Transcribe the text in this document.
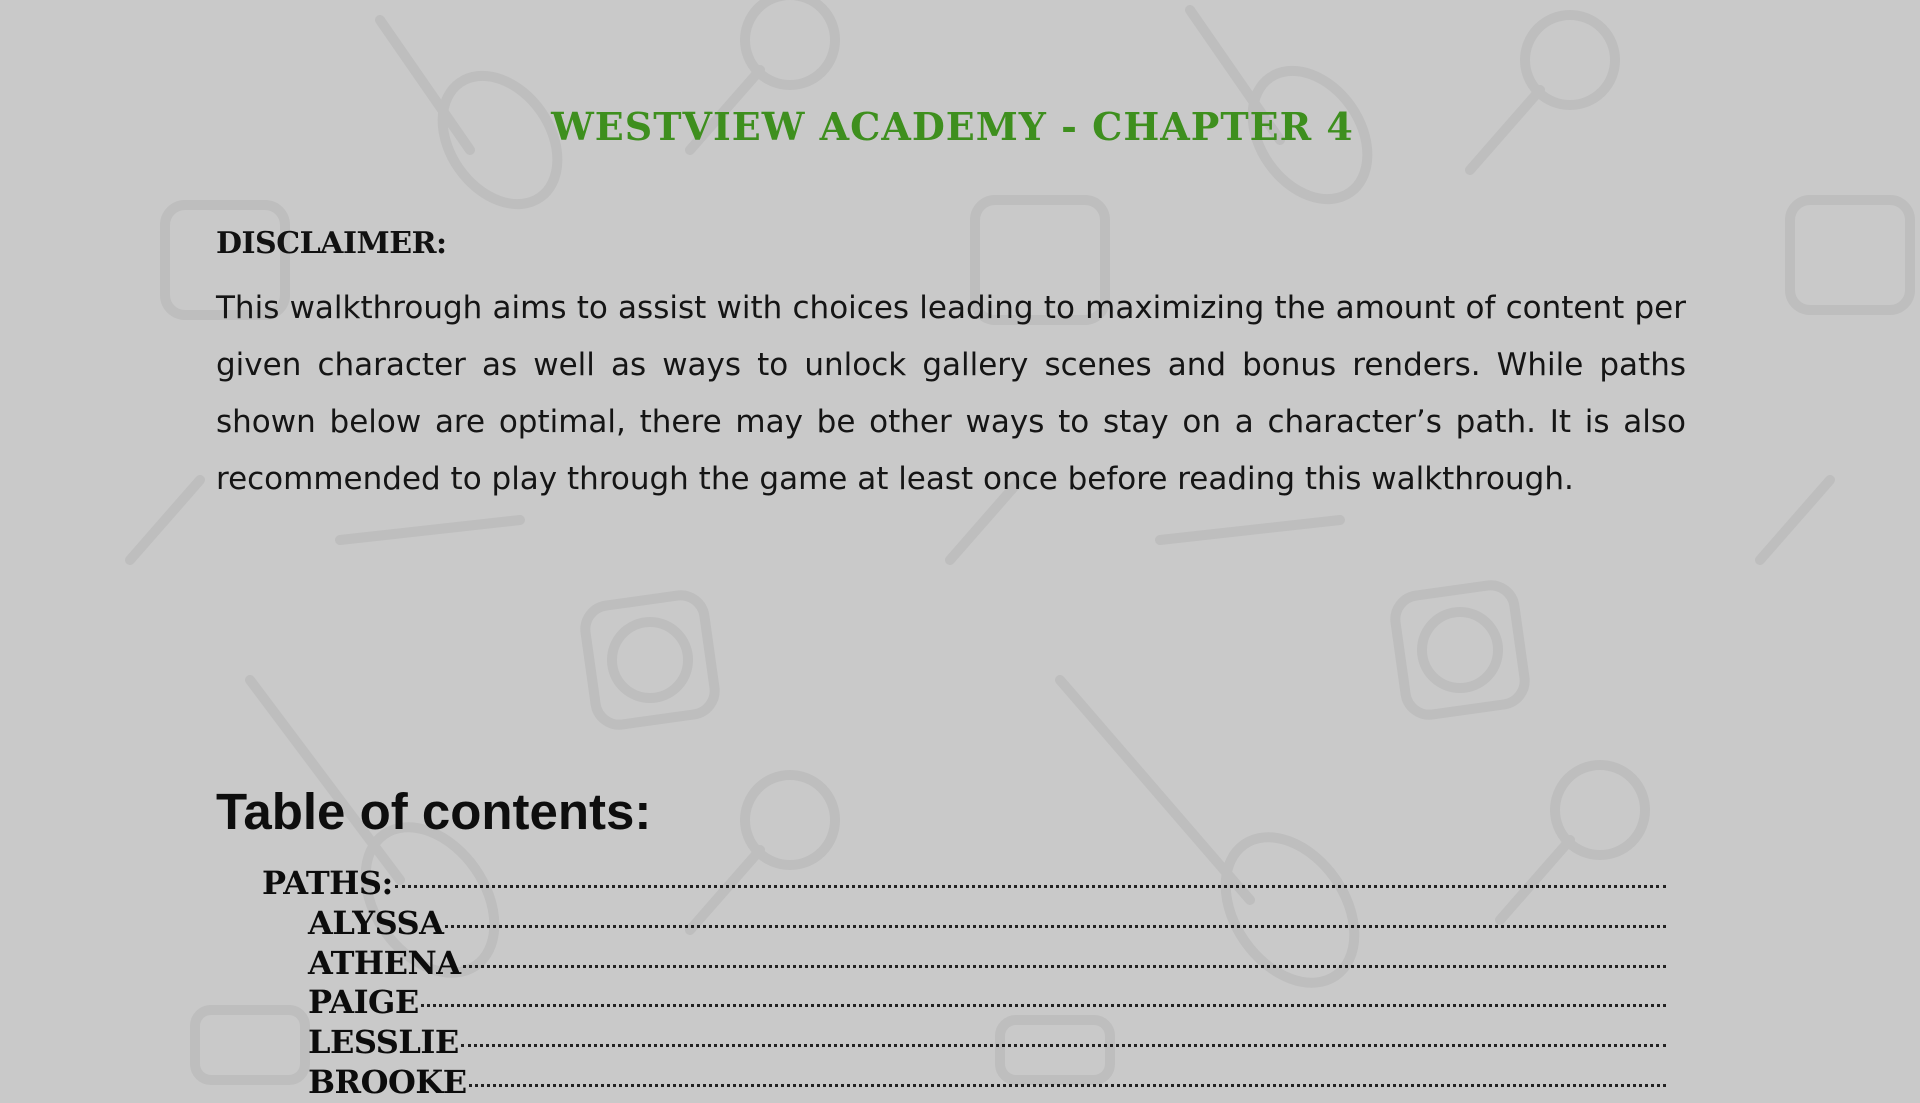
WESTVIEW ACADEMY - CHAPTER 4
DISCLAIMER:

This walkthrough aims to assist with choices leading to maximizing the amount of content per given character as well as ways to unlock gallery scenes and bonus renders. While paths shown below are optimal, there may be other ways to stay on a character’s path. It is also recommended to play through the game at least once before reading this walkthrough.

Table of contents:
PATHS:
ALYSSA
ATHENA
PAIGE
LESSLIE
BROOKE
